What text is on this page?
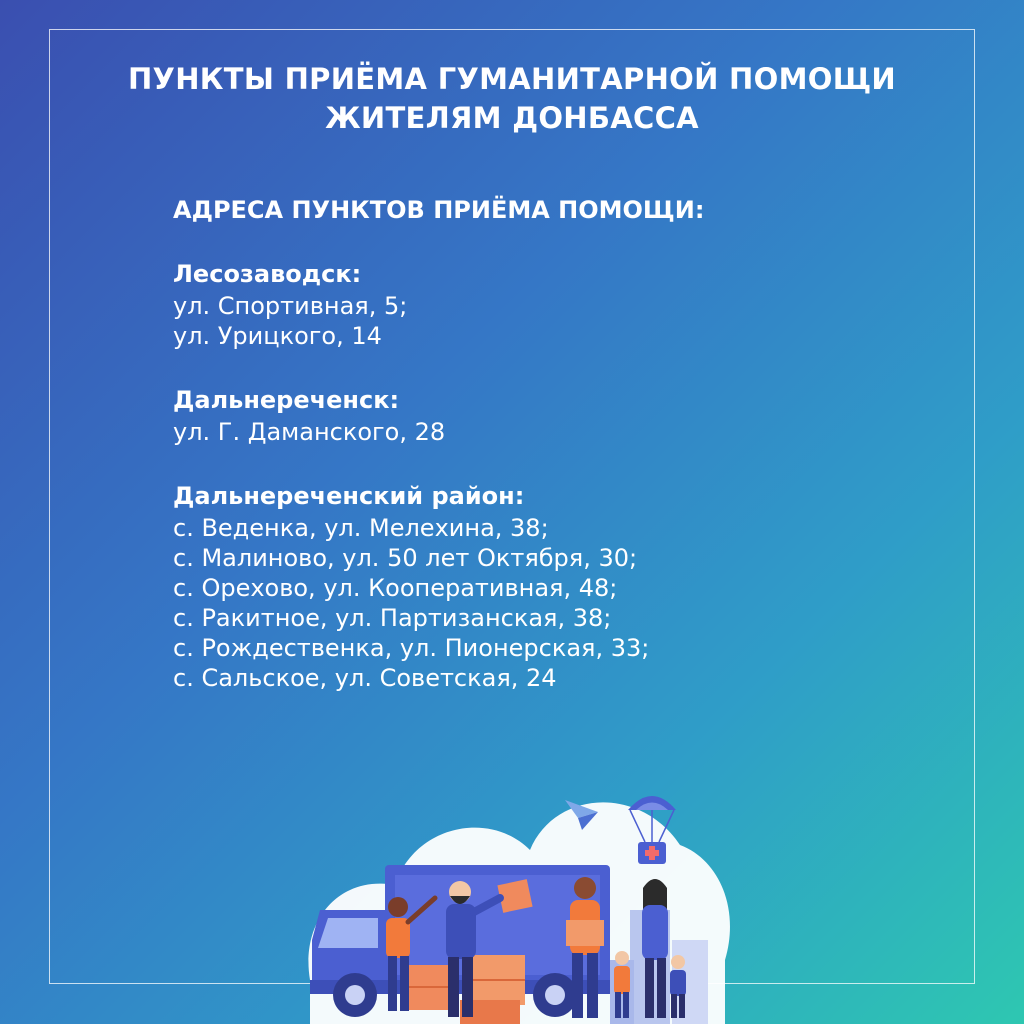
ПУНКТЫ ПРИЁМА ГУМАНИТАРНОЙ ПОМОЩИ
ЖИТЕЛЯМ ДОНБАССА

АДРЕСА ПУНКТОВ ПРИЁМА ПОМОЩИ:

Лесозаводск:
ул. Спортивная, 5;
ул. Урицкого, 14
Дальнереченск:
ул. Г. Даманского, 28
Дальнереченский район:
с. Веденка, ул. Мелехина, 38;
с. Малиново, ул. 50 лет Октября, 30;
с. Орехово, ул. Кооперативная, 48;
с. Ракитное, ул. Партизанская, 38;
с. Рождественка, ул. Пионерская, 33;
с. Сальское, ул. Советская, 24
